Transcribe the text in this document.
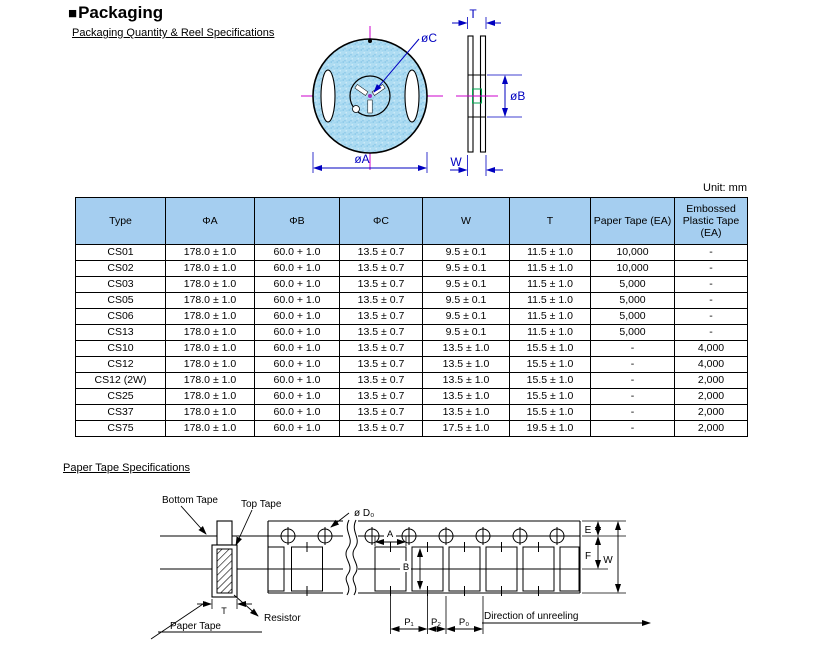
■ Packaging
Packaging Quantity & Reel Specifications	øC
øA
T
øB
W
Unit: mm
Type	ΦA	ΦB	ΦC	W	T	Paper Tape (EA)	Embossed Plastic Tape (EA)
CS01	178.0 ± 1.0	60.0 + 1.0	13.5 ± 0.7	9.5 ± 0.1	11.5 ± 1.0	10,000	-
CS02	178.0 ± 1.0	60.0 + 1.0	13.5 ± 0.7	9.5 ± 0.1	11.5 ± 1.0	10,000	-
CS03	178.0 ± 1.0	60.0 + 1.0	13.5 ± 0.7	9.5 ± 0.1	11.5 ± 1.0	5,000	-
CS05	178.0 ± 1.0	60.0 + 1.0	13.5 ± 0.7	9.5 ± 0.1	11.5 ± 1.0	5,000	-
CS06	178.0 ± 1.0	60.0 + 1.0	13.5 ± 0.7	9.5 ± 0.1	11.5 ± 1.0	5,000	-
CS13	178.0 ± 1.0	60.0 + 1.0	13.5 ± 0.7	9.5 ± 0.1	11.5 ± 1.0	5,000	-
CS10	178.0 ± 1.0	60.0 + 1.0	13.5 ± 0.7	13.5 ± 1.0	15.5 ± 1.0	-	4,000
CS12	178.0 ± 1.0	60.0 + 1.0	13.5 ± 0.7	13.5 ± 1.0	15.5 ± 1.0	-	4,000
CS12 (2W)	178.0 ± 1.0	60.0 + 1.0	13.5 ± 0.7	13.5 ± 1.0	15.5 ± 1.0	-	2,000
CS25	178.0 ± 1.0	60.0 + 1.0	13.5 ± 0.7	13.5 ± 1.0	15.5 ± 1.0	-	2,000
CS37	178.0 ± 1.0	60.0 + 1.0	13.5 ± 0.7	13.5 ± 1.0	15.5 ± 1.0	-	2,000
CS75	178.0 ± 1.0	60.0 + 1.0	13.5 ± 0.7	17.5 ± 1.0	19.5 ± 1.0	-	2,000
Paper Tape Specifications
ø D₀
A
B
E
F W
P₁ P₂ P₀
Direction of unreeling
Bottom Tape Top Tape
T
Paper Tape
Resistor
